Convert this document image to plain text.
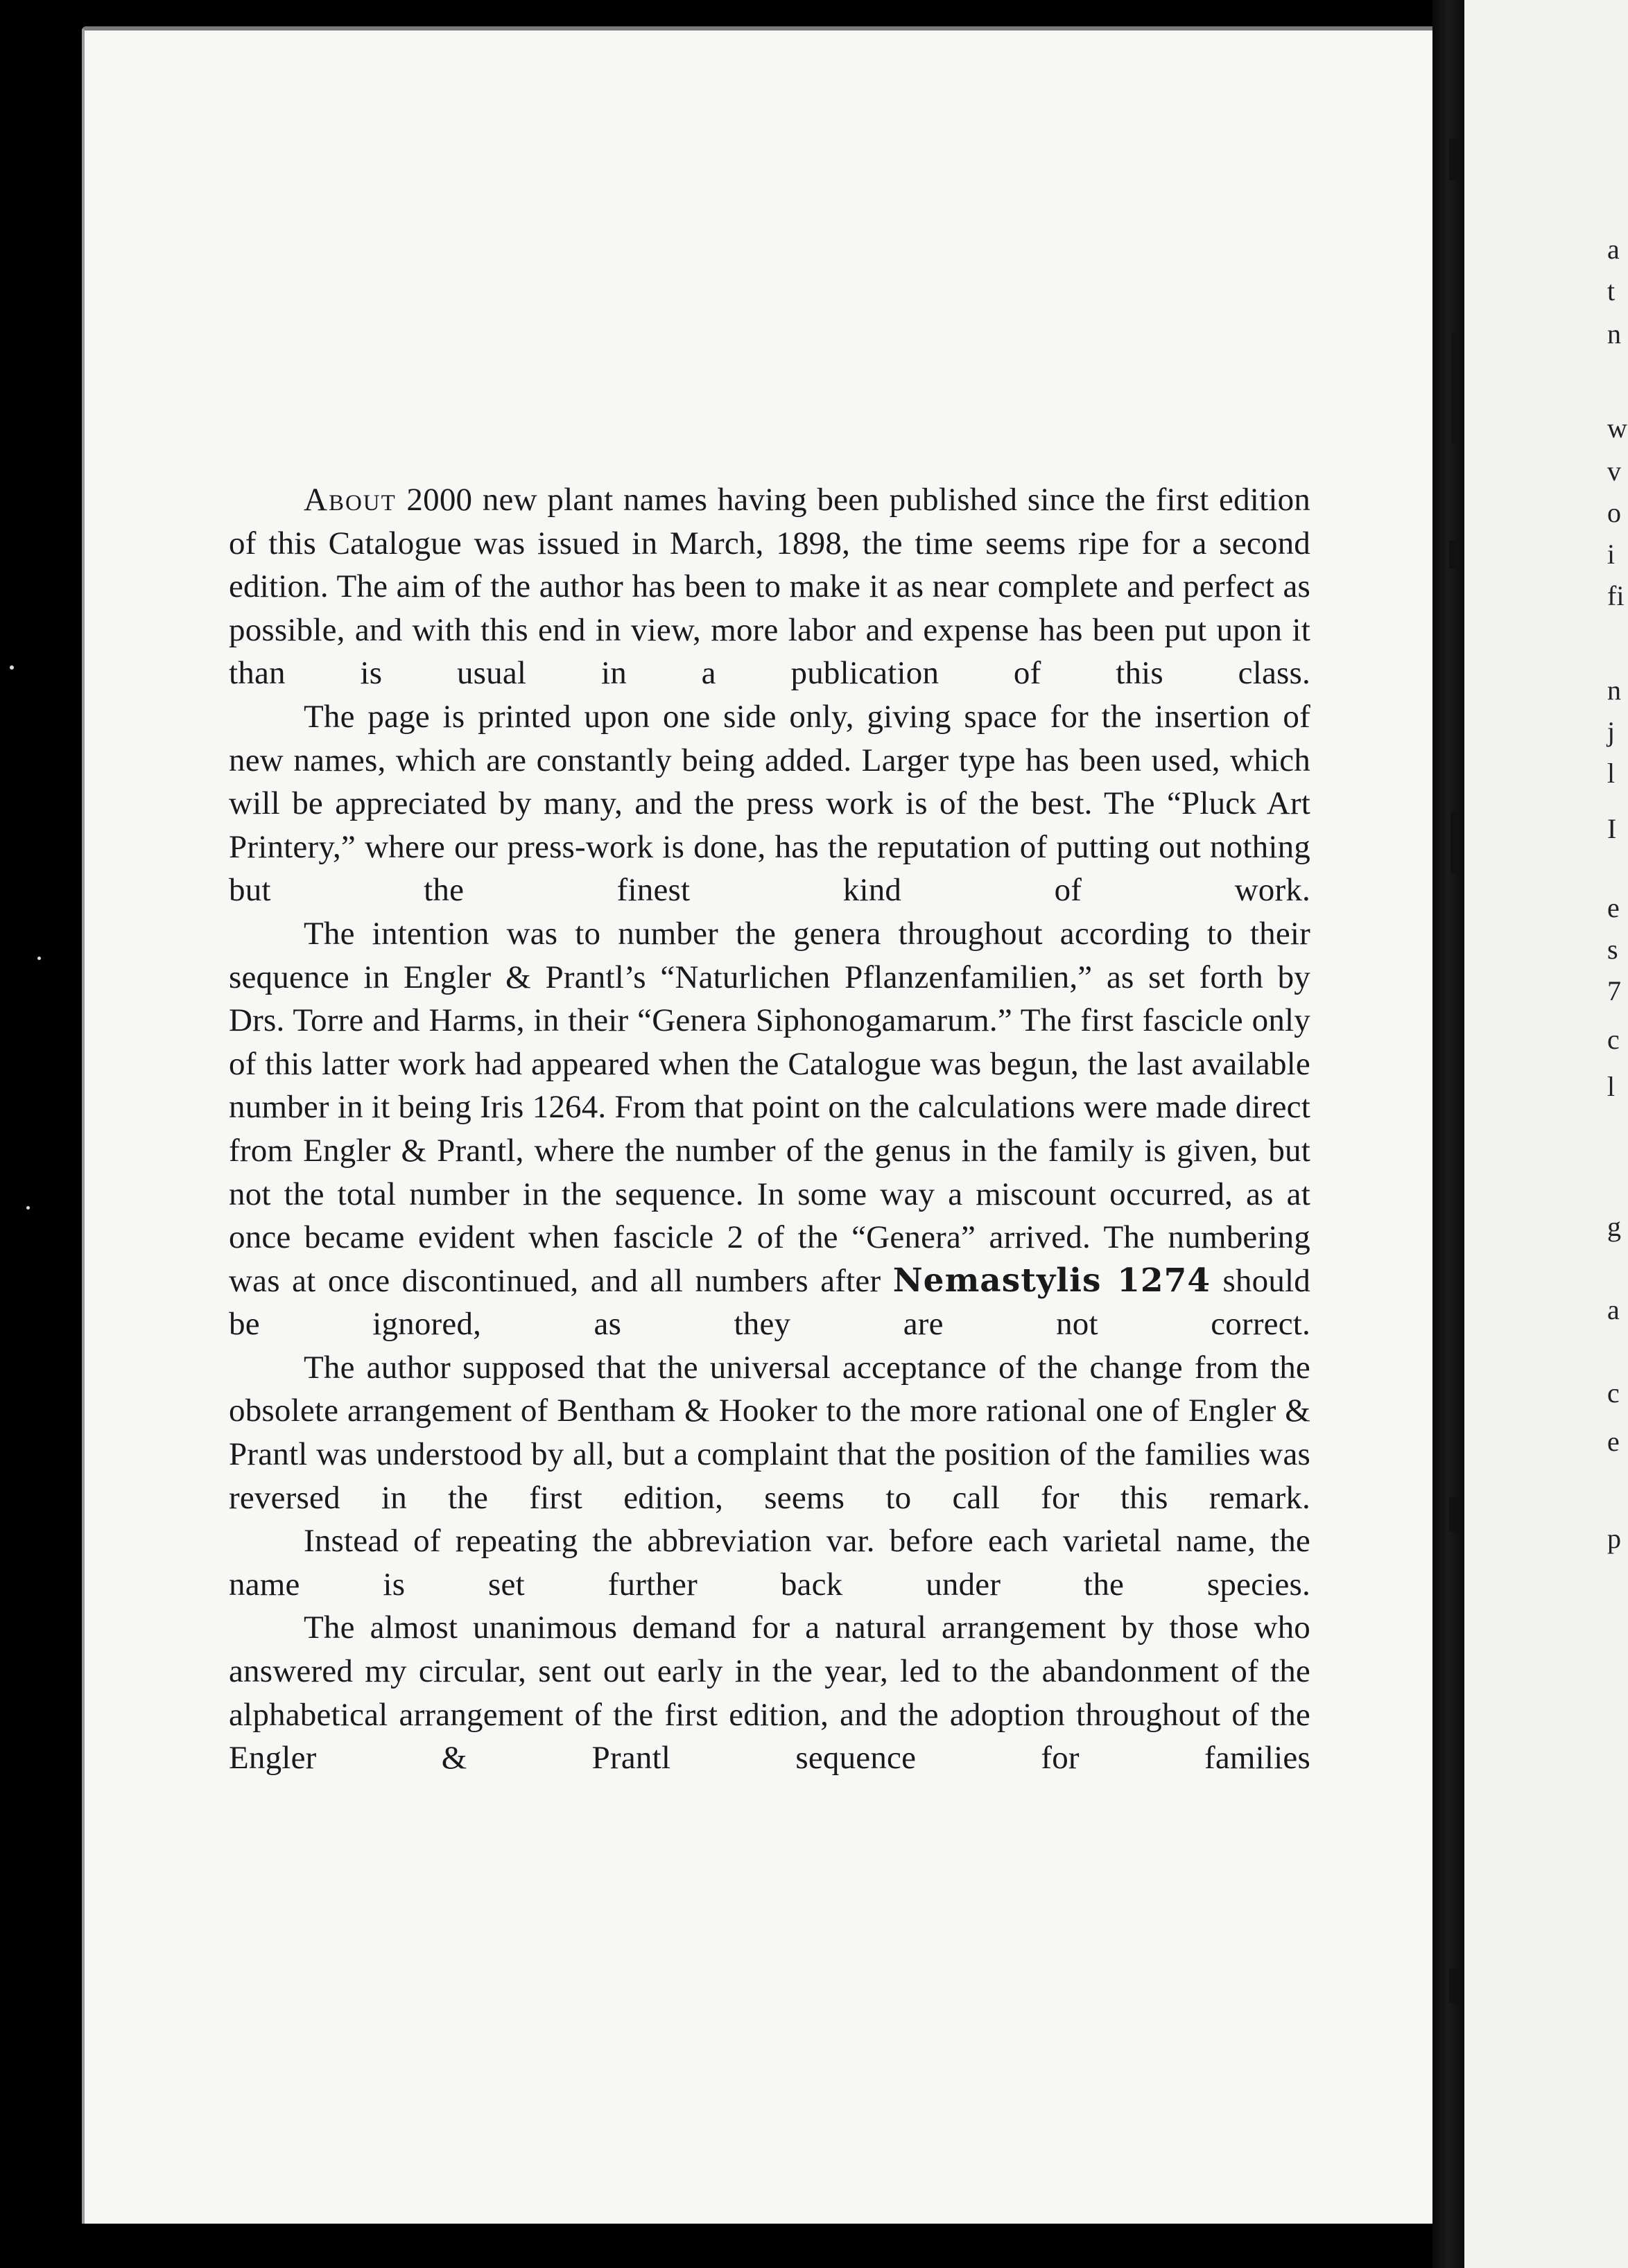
a
t
n
w
v
o
i
fi
n
j
l
I
e
s
7
c
l
g
a
c
e
p

About 2000 new plant names having been published since the first edition of this Catalogue was issued in March, 1898, the time seems ripe for a second edition. The aim of the author has been to make it as near complete and perfect as possible, and with this end in view, more labor and expense has been put upon it than is usual in a publication of this class.

The page is printed upon one side only, giving space for the insertion of new names, which are constantly being added. Larger type has been used, which will be appreciated by many, and the press work is of the best. The “Pluck Art Printery,” where our press-work is done, has the reputation of putting out nothing but the finest kind of work.

The intention was to number the genera throughout according to their sequence in Engler & Prantl’s “Naturlichen Pflanzenfamilien,” as set forth by Drs. Torre and Harms, in their “Genera Siphonogamarum.” The first fascicle only of this latter work had appeared when the Catalogue was begun, the last available number in it being Iris 1264. From that point on the calculations were made direct from Engler & Prantl, where the number of the genus in the family is given, but not the total number in the sequence. In some way a miscount occurred, as at once became evident when fascicle 2 of the “Genera” arrived. The numbering was at once discontinued, and all numbers after Nemastylis 1274 should be ignored, as they are not correct.

The author supposed that the universal acceptance of the change from the obsolete arrangement of Bentham & Hooker to the more rational one of Engler & Prantl was understood by all, but a complaint that the position of the families was reversed in the first edition, seems to call for this remark.

Instead of repeating the abbreviation var. before each varietal name, the name is set further back under the species.

The almost unanimous demand for a natural arrangement by those who answered my circular, sent out early in the year, led to the abandonment of the alphabetical arrangement of the first edition, and the adoption throughout of the Engler & Prantl sequence for families
